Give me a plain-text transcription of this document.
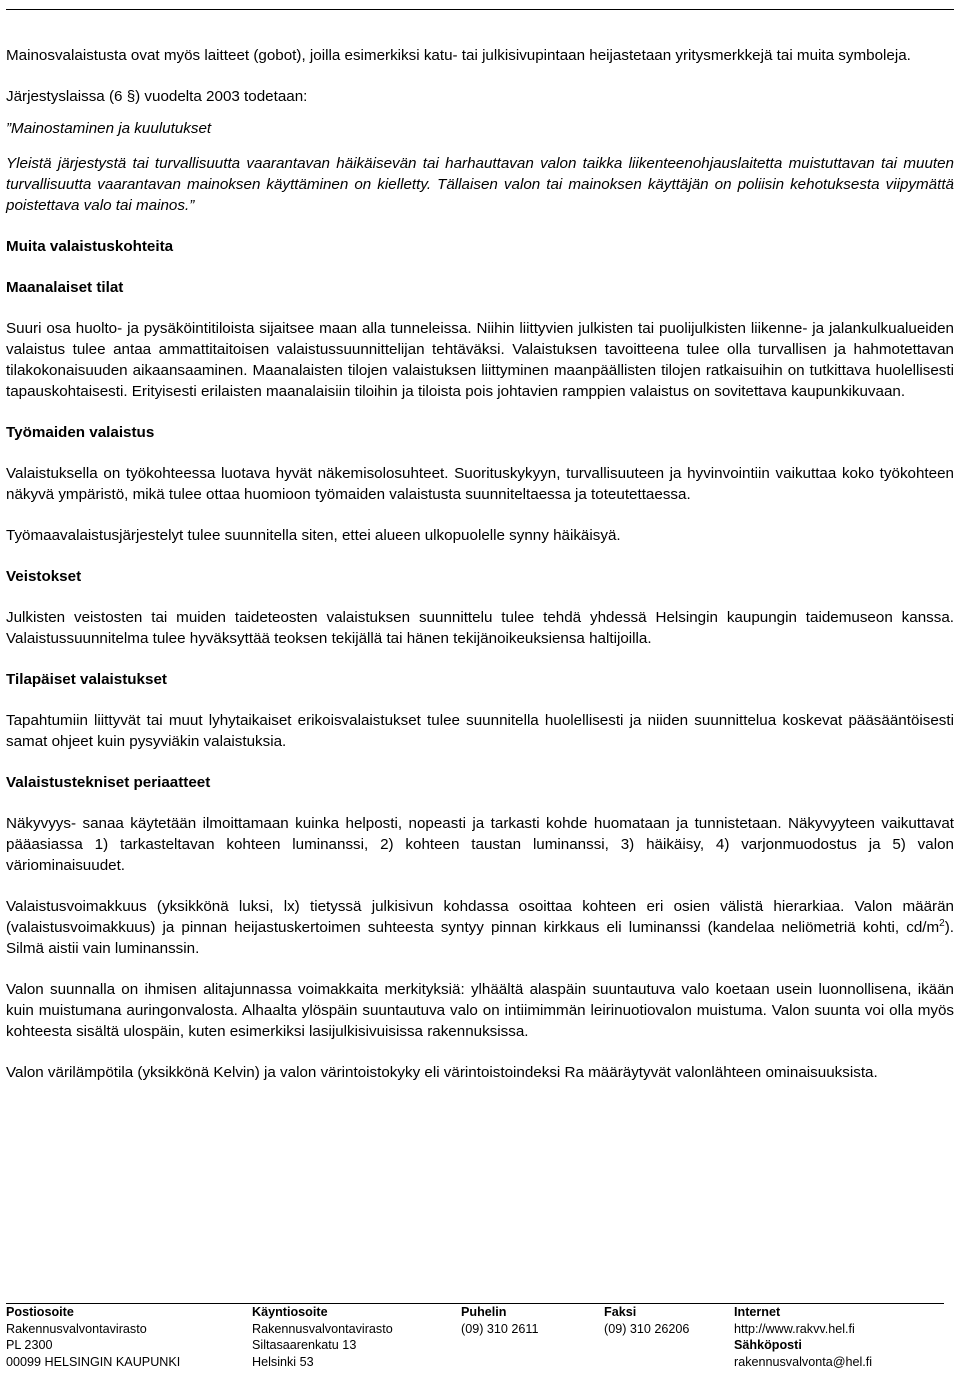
Mainosvalaistusta ovat myös laitteet (gobot), joilla esimerkiksi katu- tai julkisivupintaan heijastetaan yritysmerkkejä tai muita symboleja.

Järjestyslaissa (6 §) vuodelta 2003 todetaan:

”Mainostaminen ja kuulutukset

Yleistä järjestystä tai turvallisuutta vaarantavan häikäisevän tai harhauttavan valon taikka liikenteenohjauslaitetta muistuttavan tai muuten turvallisuutta vaarantavan mainoksen käyttäminen on kielletty. Tällaisen valon tai mainoksen käyttäjän on poliisin kehotuksesta viipymättä poistettava valo tai mainos.”

Muita valaistuskohteita
Maanalaiset tilat

Suuri osa huolto- ja pysäköintitiloista sijaitsee maan alla tunneleissa. Niihin liittyvien julkisten tai puolijulkisten liikenne- ja jalankulkualueiden valaistus tulee antaa ammattitaitoisen valaistussuunnittelijan tehtäväksi. Valaistuksen tavoitteena tulee olla turvallisen ja hahmotettavan tilakokonaisuuden aikaansaaminen. Maanalaisten tilojen valaistuksen liittyminen maanpäällisten tilojen ratkaisuihin on tutkittava huolellisesti tapauskohtaisesti. Erityisesti erilaisten maanalaisiin tiloihin ja tiloista pois johtavien ramppien valaistus on sovitettava kaupunkikuvaan.

Työmaiden valaistus

Valaistuksella on työkohteessa luotava hyvät näkemisolosuhteet. Suorituskykyyn, turvallisuuteen ja hyvinvointiin vaikuttaa koko työkohteen näkyvä ympäristö, mikä tulee ottaa huomioon työmaiden valaistusta suunniteltaessa ja toteutettaessa.

Työmaavalaistusjärjestelyt tulee suunnitella siten, ettei alueen ulkopuolelle synny häikäisyä.

Veistokset

Julkisten veistosten tai muiden taideteosten valaistuksen suunnittelu tulee tehdä yhdessä Helsingin kaupungin taidemuseon kanssa. Valaistussuunnitelma tulee hyväksyttää teoksen tekijällä tai hänen tekijänoikeuksiensa haltijoilla.

Tilapäiset valaistukset

Tapahtumiin liittyvät tai muut lyhytaikaiset erikoisvalaistukset tulee suunnitella huolellisesti ja niiden suunnittelua koskevat pääsääntöisesti samat ohjeet kuin pysyviäkin valaistuksia.

Valaistustekniset periaatteet

Näkyvyys- sanaa käytetään ilmoittamaan kuinka helposti, nopeasti ja tarkasti kohde huomataan ja tunnistetaan. Näkyvyyteen vaikuttavat pääasiassa 1) tarkasteltavan kohteen luminanssi, 2) kohteen taustan luminanssi, 3) häikäisy, 4) varjonmuodostus ja 5) valon väriominaisuudet.

Valaistusvoimakkuus (yksikkönä luksi, lx) tietyssä julkisivun kohdassa osoittaa kohteen eri osien välistä hierarkiaa. Valon määrän (valaistusvoimakkuus) ja pinnan heijastuskertoimen suhteesta syntyy pinnan kirkkaus eli luminanssi (kandelaa neliömetriä kohti, $cd/m^2$). Silmä aistii vain luminanssin.

Valon suunnalla on ihmisen alitajunnassa voimakkaita merkityksiä: ylhäältä alaspäin suuntautuva valo koetaan usein luonnollisena, ikään kuin muistumana auringonvalosta. Alhaalta ylöspäin suuntautuva valo on intiimimmän leirinuotiovalon muistuma. Valon suunta voi olla myös kohteesta sisältä ulospäin, kuten esimerkiksi lasijulkisivuisissa rakennuksissa.

Valon värilämpötila (yksikkönä Kelvin) ja valon värintoistokyky eli värintoistoindeksi Ra määräytyvät valonlähteen ominaisuuksista.

Postiosoite
Rakennusvalvontavirasto
PL 2300
00099 HELSINGIN KAUPUNKI
Käyntiosoite
Rakennusvalvontavirasto
Siltasaarenkatu 13
Helsinki 53
Puhelin
(09) 310 2611
Faksi
(09) 310 26206
Internet
http://www.rakvv.hel.fi
Sähköposti
rakennusvalvonta@hel.fi
